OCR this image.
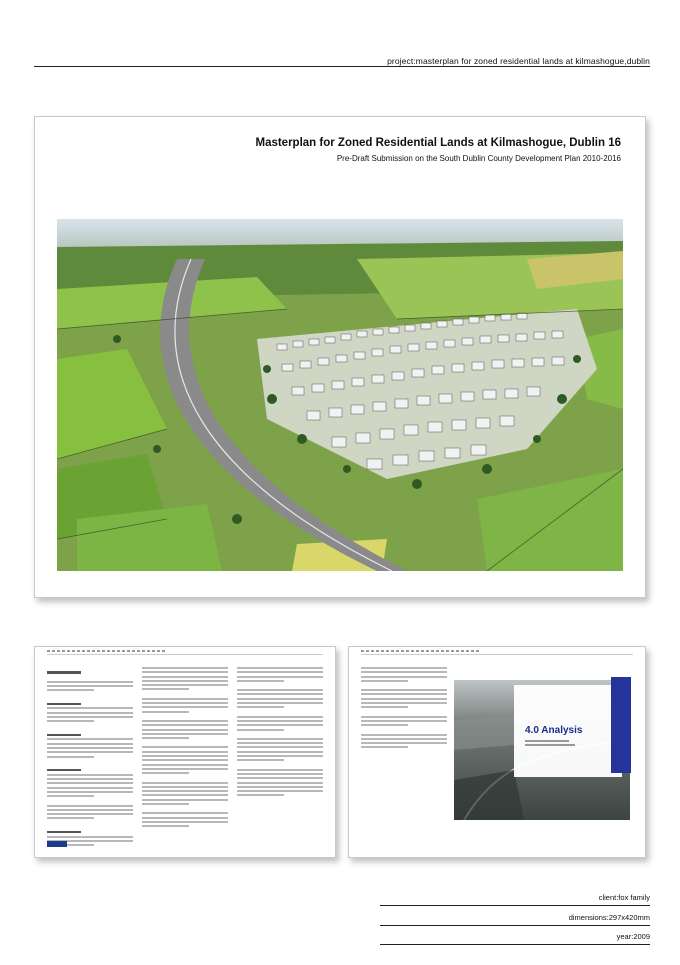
project:masterplan for zoned residential lands at kilmashogue,dublin
Masterplan for Zoned Residential Lands at Kilmashogue, Dublin 16
Pre-Draft Submission on the South Dublin County Development Plan 2010-2016
4.0 Analysis
client:fox family
dimensions:297x420mm
year:2009
